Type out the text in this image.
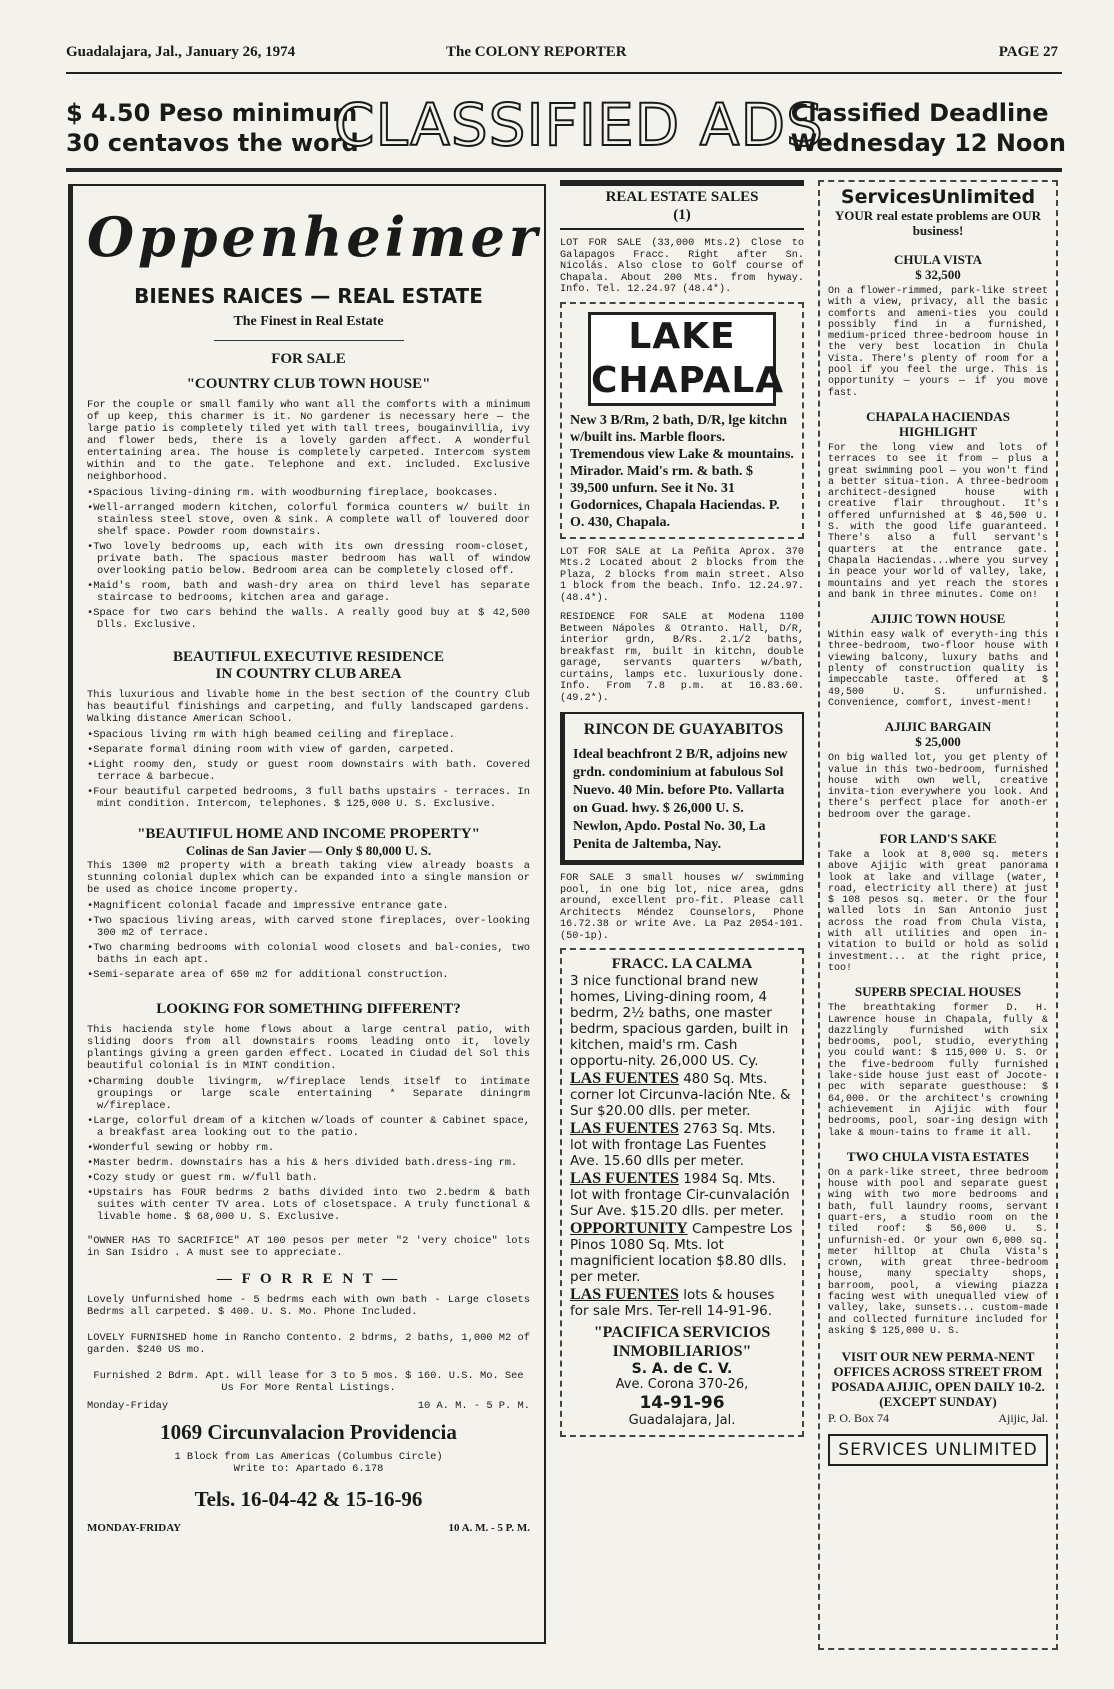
Guadalajara, Jal., January 26, 1974	The COLONY REPORTER	PAGE 27
$ 4.50 Peso minimum
30 centavos the word
CLASSIFIED ADS
Classified Deadline
Wednesday 12 Noon
Oppenheimer
BIENES RAICES — REAL ESTATE
The Finest in Real Estate
FOR SALE
"COUNTRY CLUB TOWN HOUSE"
For the couple or small family who want all the comforts with a minimum of up keep, this charmer is it. No gardener is necessary here — the large patio is completely tiled yet with tall trees, bougainvillia, ivy and flower beds, there is a lovely garden affect. A wonderful entertaining area. The house is completely carpeted. Intercom system within and to the gate. Telephone and ext. included. Exclusive neighborhood.
• Spacious living-dining rm. with woodburning fireplace, bookcases.
• Well-arranged modern kitchen, colorful formica counters w/ built in stainless steel stove, oven & sink. A complete wall of louvered door shelf space. Powder room downstairs.
• Two lovely bedrooms up, each with its own dressing room-closet, private bath. The spacious master bedroom has wall of window overlooking patio below. Bedroom area can be completely closed off.
• Maid's room, bath and wash-dry area on third level has separate staircase to bedrooms, kitchen area and garage.
• Space for two cars behind the walls. A really good buy at $ 42,500 Dlls. Exclusive.
BEAUTIFUL EXECUTIVE RESIDENCE
IN COUNTRY CLUB AREA
This luxurious and livable home in the best section of the Country Club has beautiful finishings and carpeting, and fully landscaped gardens. Walking distance American School.
• Spacious living rm with high beamed ceiling and fireplace.
• Separate formal dining room with view of garden, carpeted.
• Light roomy den, study or guest room downstairs with bath. Covered terrace & barbecue.
• Four beautiful carpeted bedrooms, 3 full baths upstairs - terraces. In mint condition. Intercom, telephones. $ 125,000 U. S. Exclusive.
"BEAUTIFUL HOME AND INCOME PROPERTY"
Colinas de San Javier — Only $ 80,000 U. S.
This 1300 m2 property with a breath taking view already boasts a stunning colonial duplex which can be expanded into a single mansion or be used as choice income property.
• Magnificent colonial facade and impressive entrance gate.
• Two spacious living areas, with carved stone fireplaces, over-looking 300 m2 of terrace.
• Two charming bedrooms with colonial wood closets and bal-conies, two baths in each apt.
• Semi-separate area of 650 m2 for additional construction.
LOOKING FOR SOMETHING DIFFERENT?
This hacienda style home flows about a large central patio, with sliding doors from all downstairs rooms leading onto it, lovely plantings giving a green garden effect. Located in Ciudad del Sol this beautiful colonial is in MINT condition.
• Charming double livingrm, w/fireplace lends itself to intimate groupings or large scale entertaining * Separate diningrm w/fireplace.
• Large, colorful dream of a kitchen w/loads of counter & Cabinet space, a breakfast area looking out to the patio.
• Wonderful sewing or hobby rm.
• Master bedrm. downstairs has a his & hers divided bath.dress-ing rm.
• Cozy study or guest rm. w/full bath.
• Upstairs has FOUR bedrms 2 baths divided into two 2.bedrm & bath suites with center TV area. Lots of closetspace. A truly functional & livable home. $ 68,000 U. S. Exclusive.
"OWNER HAS TO SACRIFICE" AT 100 pesos per meter "2 'very choice" lots in San Isidro . A must see to appreciate.
— F O R R E N T —
Lovely Unfurnished home - 5 bedrms each with own bath - Large closets Bedrms all carpeted. $ 400. U. S. Mo. Phone Included.
LOVELY FURNISHED home in Rancho Contento. 2 bdrms, 2 baths, 1,000 M2 of garden. $240 US mo.
Furnished 2 Bdrm. Apt. will lease for 3 to 5 mos. $ 160. U.S. Mo. See Us For More Rental Listings.
Monday-Friday	10 A. M. - 5 P. M.
1069 Circunvalacion Providencia
1 Block from Las Americas (Columbus Circle)
Write to: Apartado 6.178
Tels. 16-04-42 & 15-16-96
MONDAY-FRIDAY	10 A. M. - 5 P. M.
REAL ESTATE SALES
(1)
LOT FOR SALE (33,000 Mts.2) Close to Galapagos Fracc. Right after Sn. Nicolás. Also close to Golf course of Chapala. About 200 Mts. from hyway. Info. Tel. 12.24.97 (48.4*).
LAKE CHAPALA
New 3 B/Rm, 2 bath, D/R, lge kitchn w/built ins. Marble floors. Tremendous view Lake & mountains. Mirador. Maid's rm. & bath. $ 39,500 unfurn. See it No. 31 Godornices, Chapala Haciendas. P. O. 430, Chapala.
LOT FOR SALE at La Peñita Aprox. 370 Mts.2 Located about 2 blocks from the Plaza, 2 blocks from main street. Also 1 block from the beach. Info. 12.24.97. (48.4*).
RESIDENCE FOR SALE at Modena 1100 Between Nápoles & Otranto. Hall, D/R, interior grdn, B/Rs. 2.1/2 baths, breakfast rm, built in kitchn, double garage, servants quarters w/bath, curtains, lamps etc. luxuriously done. Info. From 7.8 p.m. at 16.83.60. (49.2*).
RINCON DE GUAYABITOS
Ideal beachfront 2 B/R, adjoins new grdn. condominium at fabulous Sol Nuevo. 40 Min. before Pto. Vallarta on Guad. hwy. $ 26,000 U. S. Newlon, Apdo. Postal No. 30, La Penita de Jaltemba, Nay.
FOR SALE 3 small houses w/ swimming pool, in one big lot, nice area, gdns around, excellent pro-fit. Please call Architects Méndez Counselors, Phone 16.72.38 or write Ave. La Paz 2054-101. (50-1p).
FRACC. LA CALMA
3 nice functional brand new homes, Living-dining room, 4 bedrm, 2½ baths, one master bedrm, spacious garden, built in kitchen, maid's rm. Cash opportu-nity. 26,000 US. Cy.
LAS FUENTES 480 Sq. Mts. corner lot Circunva-lación Nte. & Sur $20.00 dlls. per meter.
LAS FUENTES 2763 Sq. Mts. lot with frontage Las Fuentes Ave. 15.60 dlls per meter.
LAS FUENTES 1984 Sq. Mts. lot with frontage Cir-cunvalación Sur Ave. $15.20 dlls. per meter.
OPPORTUNITY Campestre Los Pinos 1080 Sq. Mts. lot magnificient location $8.80 dlls. per meter.
LAS FUENTES lots & houses for sale Mrs. Ter-rell 14-91-96.
"PACIFICA SERVICIOS INMOBILIARIOS"
S. A. de C. V.
Ave. Corona 370-26,
14-91-96
Guadalajara, Jal.
ServicesUnlimited
YOUR real estate problems are OUR business!
CHULA VISTA
$ 32,500
On a flower-rimmed, park-like street with a view, privacy, all the basic comforts and ameni-ties you could possibly find in a furnished, medium-priced three-bedroom house in the very best location in Chula Vista. There's plenty of room for a pool if you feel the urge. This is opportunity — yours — if you move fast.
CHAPALA HACIENDAS HIGHLIGHT
For the long view and lots of terraces to see it from — plus a great swimming pool — you won't find a better situa-tion. A three-bedroom architect-designed house with creative flair throughout. It's offered unfurnished at $ 46,500 U. S. with the good life guaranteed. There's also a full servant's quarters at the entrance gate. Chapala Haciendas...where you survey in peace your world of valley, lake, mountains and yet reach the stores and bank in three minutes. Come on!
AJIJIC TOWN HOUSE
Within easy walk of everyth-ing this three-bedroom, two-floor house with viewing balcony, luxury baths and plenty of construction quality is impeccable taste. Offered at $ 49,500 U. S. unfurnished. Convenience, comfort, invest-ment!
AJIJIC BARGAIN
$ 25,000
On big walled lot, you get plenty of value in this two-bedroom, furnished house with own well, creative invita-tion everywhere you look. And there's perfect place for anoth-er bedroom over the garage.
FOR LAND'S SAKE
Take a look at 8,000 sq. meters above Ajijic with great panorama look at lake and village (water, road, electricity all there) at just $ 108 pesos sq. meter. Or the four walled lots in San Antonio just across the road from Chula Vista, with all utilities and open in-vitation to build or hold as solid investment... at the right price, too!
SUPERB SPECIAL HOUSES
The breathtaking former D. H. Lawrence house in Chapala, fully & dazzlingly furnished with six bedrooms, pool, studio, everything you could want: $ 115,000 U. S. Or the five-bedroom fully furnished lake-side house just east of Jocote-pec with separate guesthouse: $ 64,000. Or the architect's crowning achievement in Ajijic with four bedrooms, pool, soar-ing design with lake & moun-tains to frame it all.
TWO CHULA VISTA ESTATES
On a park-like street, three bedroom house with pool and separate guest wing with two more bedrooms and bath, full laundry rooms, servant quart-ers, a studio room on the tiled roof: $ 56,000 U. S. unfurnish-ed. Or your own 6,000 sq. meter hilltop at Chula Vista's crown, with great three-bedroom house, many specialty shops, barroom, pool, a viewing piazza facing west with unequalled view of valley, lake, sunsets... custom-made and collected furniture included for asking $ 125,000 U. S.
VISIT OUR NEW PERMA-NENT OFFICES ACROSS STREET FROM POSADA AJIJIC, OPEN DAILY 10-2. (EXCEPT SUNDAY)
P. O. Box 74	Ajijic, Jal.
SERVICES UNLIMITED
